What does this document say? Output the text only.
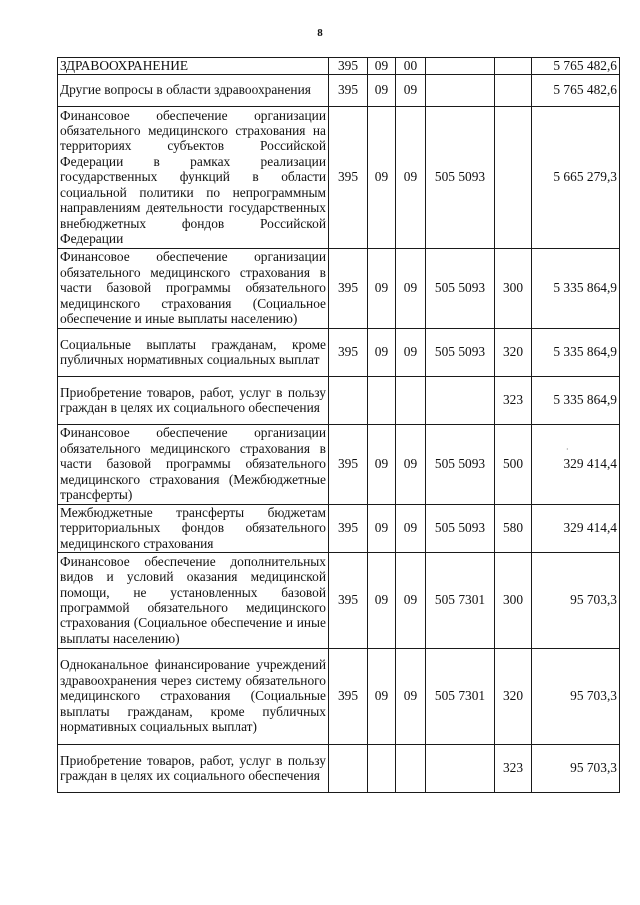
8
ЗДРАВООХРАНЕНИЕ	395	09	00			5 765 482,6
Другие вопросы в области здравоохранения	395	09	09			5 765 482,6
Финансовое обеспечение организации обязательного медицинского страхования на территориях субъектов Российской Федерации в рамках реализации государственных функций в области социальной политики по непрограммным направлениям деятельности государственных внебюджетных фондов Российской Федерации	395	09	09	505 5093		5 665 279,3
Финансовое обеспечение организации обязательного медицинского страхования в части базовой программы обязательного медицинского страхования (Социальное обеспечение и иные выплаты населению)	395	09	09	505 5093	300	5 335 864,9
Социальные выплаты гражданам, кроме публичных нормативных социальных выплат	395	09	09	505 5093	320	5 335 864,9
Приобретение товаров, работ, услуг в пользу граждан в целях их социального обеспечения					323	5 335 864,9
Финансовое обеспечение организации обязательного медицинского страхования в части базовой программы обязательного медицинского страхования (Межбюджетные трансферты)	395	09	09	505 5093	500	329 414,4
Межбюджетные трансферты бюджетам территориальных фондов обязательного медицинского страхования	395	09	09	505 5093	580	329 414,4
Финансовое обеспечение дополнительных видов и условий оказания медицинской помощи, не установленных базовой программой обязательного медицинского страхования (Социальное обеспечение и иные выплаты населению)	395	09	09	505 7301	300	95 703,3
Одноканальное финансирование учреждений здравоохранения через систему обязательного медицинского страхования (Социальные выплаты гражданам, кроме публичных нормативных социальных выплат)	395	09	09	505 7301	320	95 703,3
Приобретение товаров, работ, услуг в пользу граждан в целях их социального обеспечения					323	95 703,3
·
